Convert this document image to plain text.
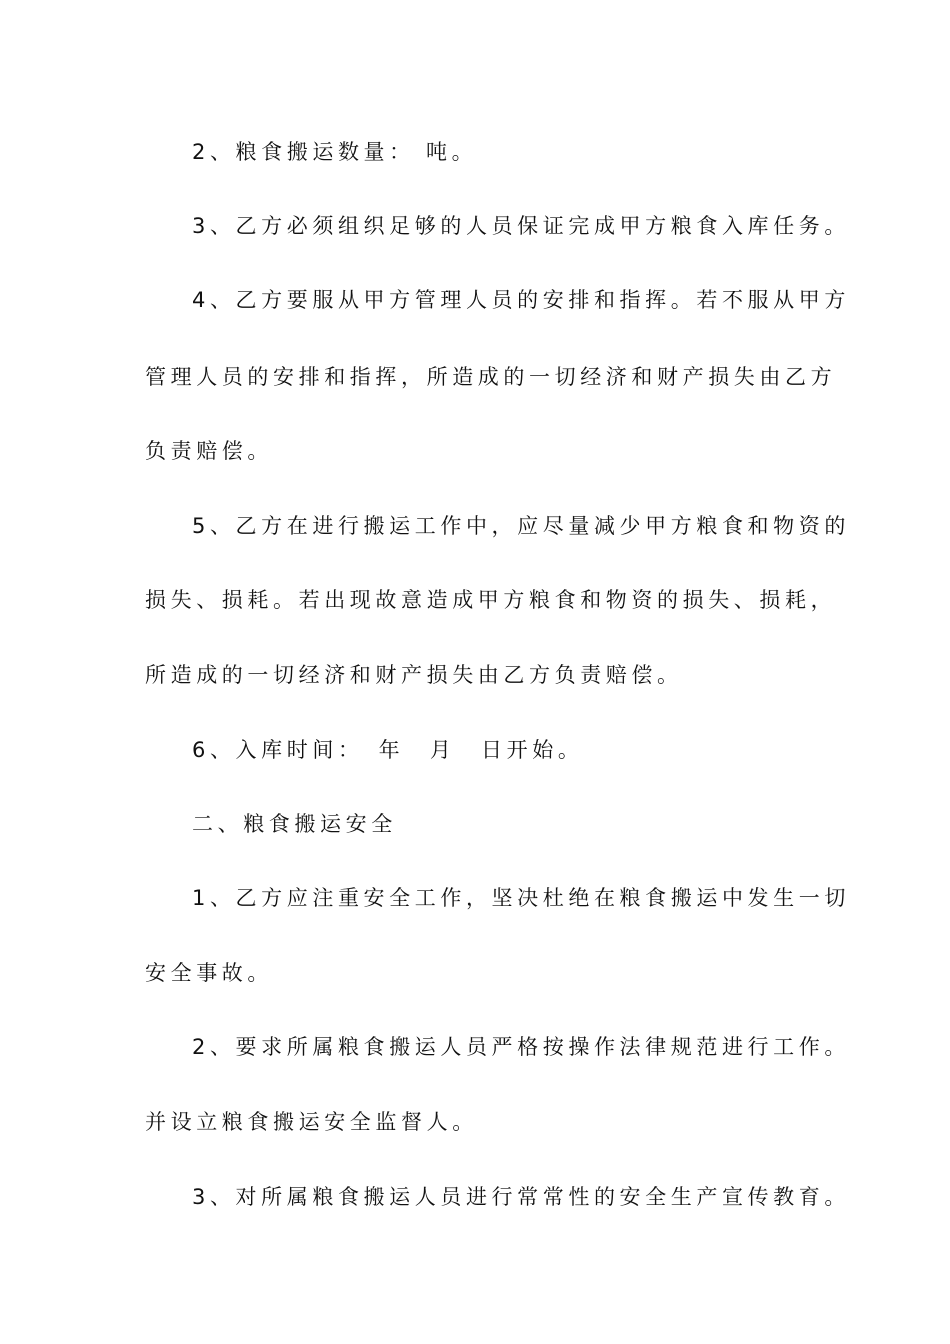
2、粮食搬运数量： 吨。

3、乙方必须组织足够的人员保证完成甲方粮食入库任务。

4、乙方要服从甲方管理人员的安排和指挥。若不服从甲方

管理人员的安排和指挥，所造成的一切经济和财产损失由乙方

负责赔偿。

5、乙方在进行搬运工作中，应尽量减少甲方粮食和物资的

损失、损耗。若出现故意造成甲方粮食和物资的损失、损耗，

所造成的一切经济和财产损失由乙方负责赔偿。

6、入库时间：　年　月　日开始。

二、粮食搬运安全

1、乙方应注重安全工作，坚决杜绝在粮食搬运中发生一切

安全事故。

2、要求所属粮食搬运人员严格按操作法律规范进行工作。

并设立粮食搬运安全监督人。

3、对所属粮食搬运人员进行常常性的安全生产宣传教育。
